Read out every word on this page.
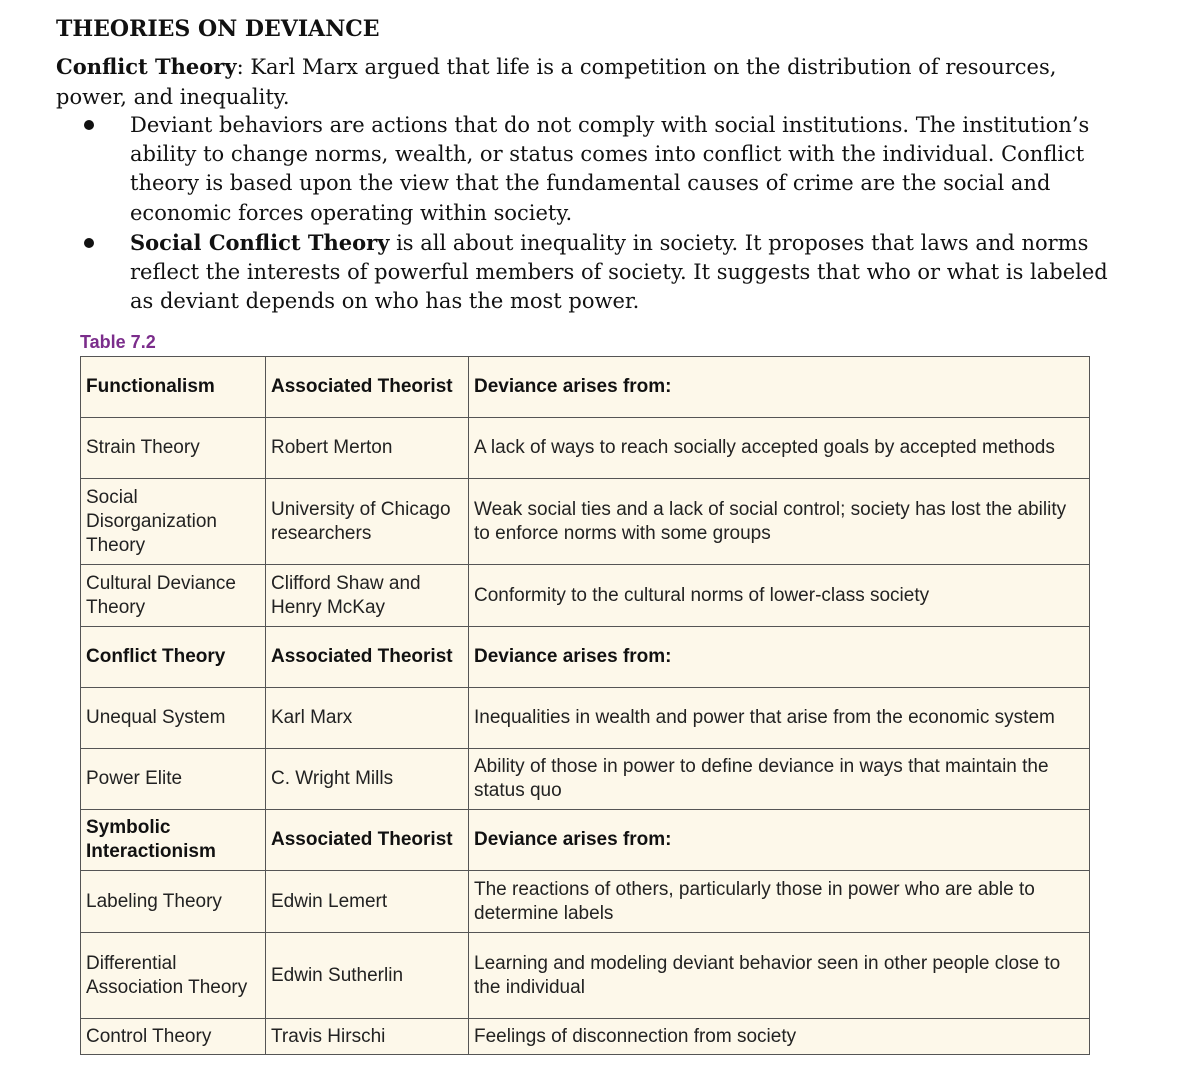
THEORIES ON DEVIANCE
Conflict Theory: Karl Marx argued that life is a competition on the distribution of resources, power, and inequality.
Deviant behaviors are actions that do not comply with social institutions. The institution’s ability to change norms, wealth, or status comes into conflict with the individual. Conflict theory is based upon the view that the fundamental causes of crime are the social and economic forces operating within society.
Social Conflict Theory is all about inequality in society. It proposes that laws and norms reflect the interests of powerful members of society. It suggests that who or what is labeled as deviant depends on who has the most power.
Table 7.2
Functionalism	Associated Theorist	Deviance arises from:
Strain Theory	Robert Merton	A lack of ways to reach socially accepted goals by accepted methods
Social Disorganization Theory	University of Chicago researchers	Weak social ties and a lack of social control; society has lost the ability to enforce norms with some groups
Cultural Deviance Theory	Clifford Shaw and Henry McKay	Conformity to the cultural norms of lower-class society
Conflict Theory	Associated Theorist	Deviance arises from:
Unequal System	Karl Marx	Inequalities in wealth and power that arise from the economic system
Power Elite	C. Wright Mills	Ability of those in power to define deviance in ways that maintain the status quo
Symbolic Interactionism	Associated Theorist	Deviance arises from:
Labeling Theory	Edwin Lemert	The reactions of others, particularly those in power who are able to determine labels
Differential Association Theory	Edwin Sutherlin	Learning and modeling deviant behavior seen in other people close to the individual
Control Theory	Travis Hirschi	Feelings of disconnection from society
